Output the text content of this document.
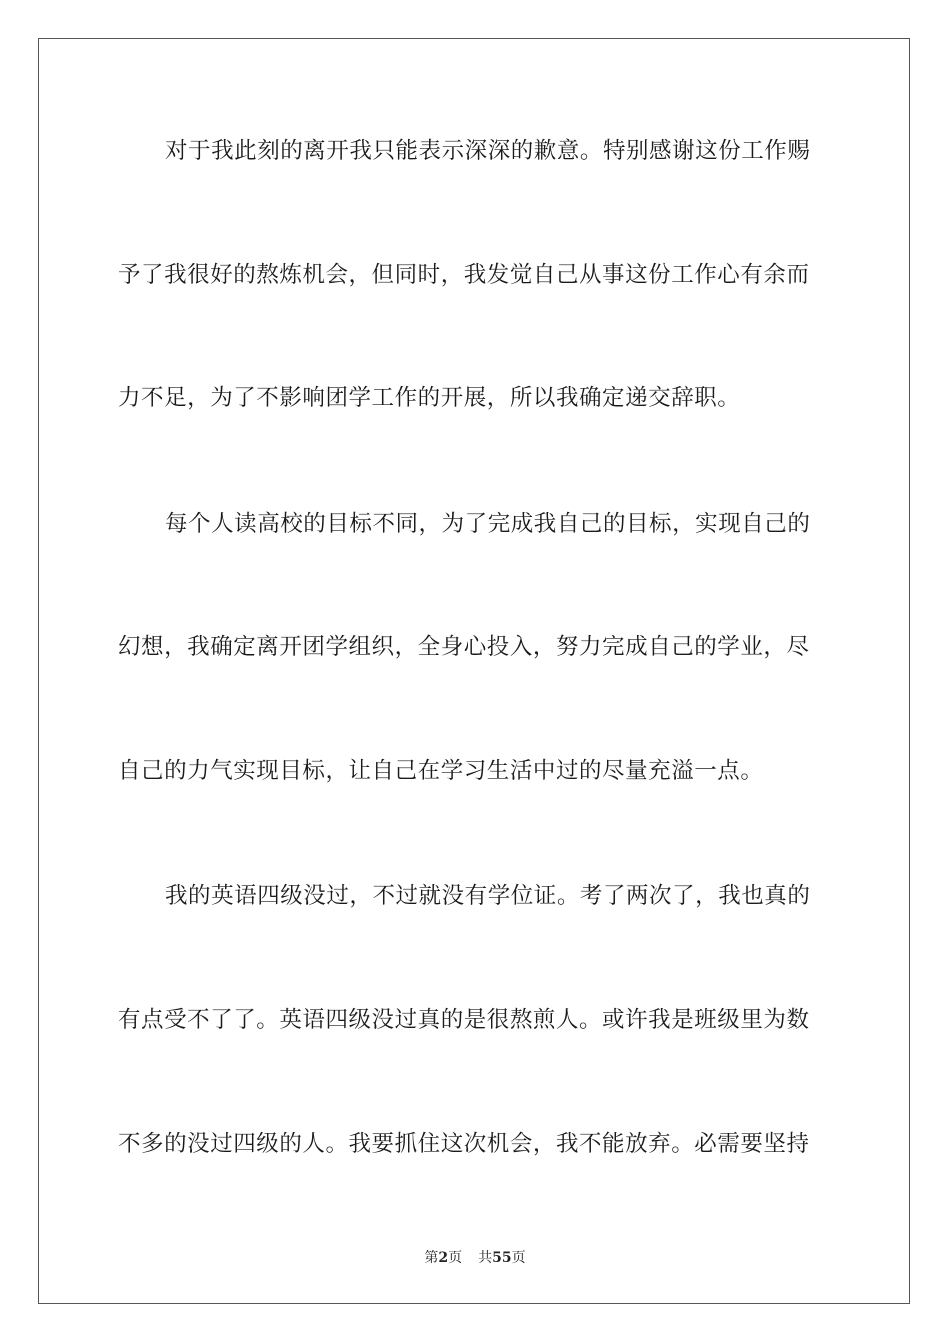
对于我此刻的离开我只能表示深深的歉意。特别感谢这份工作赐
予了我很好的熬炼机会，但同时，我发觉自己从事这份工作心有余而
力不足，为了不影响团学工作的开展，所以我确定递交辞职。
每个人读高校的目标不同，为了完成我自己的目标，实现自己的
幻想，我确定离开团学组织，全身心投入，努力完成自己的学业，尽
自己的力气实现目标，让自己在学习生活中过的尽量充溢一点。
我的英语四级没过，不过就没有学位证。考了两次了，我也真的
有点受不了了。英语四级没过真的是很熬煎人。或许我是班级里为数
不多的没过四级的人。我要抓住这次机会，我不能放弃。必需要坚持
第2页 共55页
